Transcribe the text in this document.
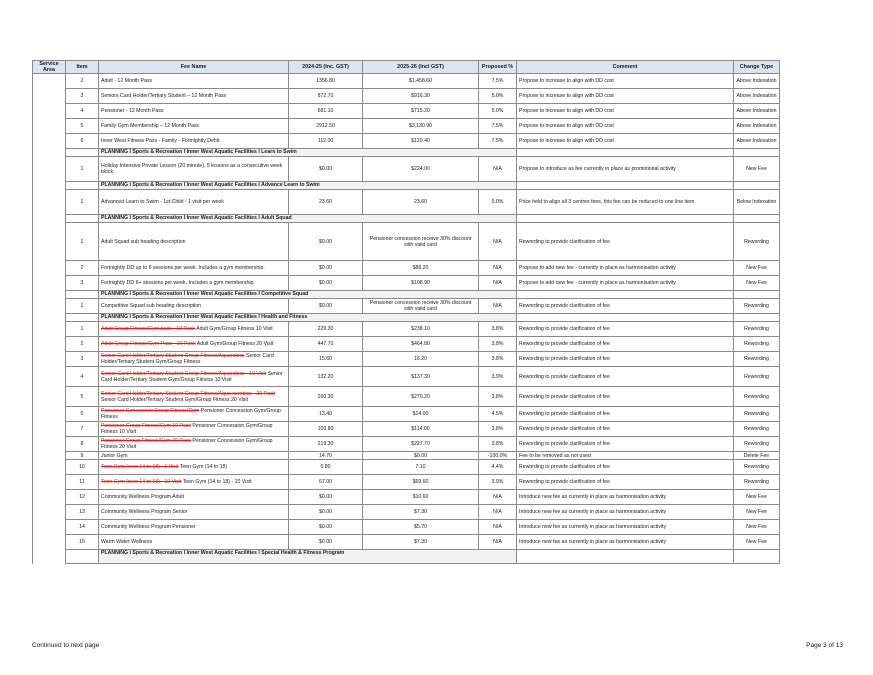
Service Area	Item	Fee Name	2024-25 (Inc. GST)	2025-26 (Incl GST)	Proposed %	Comment	Change Type
	2	Adult - 12 Month Pass	1356.80	$1,458.60	7.5%	Propose to increase to align with DD cost	Above Indexation
	3	Seniors Card Holder/Tertiary Student – 12 Month Pass	872.70	$916.30	5.0%	Propose to increase to align with DD cost	Above Indexation
	4	Pensioner - 12 Month Pass	681.10	$715.20	5.0%	Propose to increase to align with DD cost	Above Indexation
	5	Family Gym Membership – 12 Month Pass	2912.50	$3,130.90	7.5%	Propose to increase to align with DD cost	Above Indexation
	6	Inner West Fitness Pass - Family - Fortnightly Debit	112.00	$120.40	7.5%	Propose to increase to align with DD cost	Above Indexation
		PLANNING I Sports & Recreation I Inner West Aquatic Facilities I Learn to Swim					
	1	Holiday Intensive Private Lesson (20 minute), 5 lessons as a consecutive week block	$0.00	$224.00	N/A	Propose to introduce as fee currently in place as promotional activity	New Fee
		PLANNING I Sports & Recreation I Inner West Aquatic Facilities I Advance Learn to Swim					
	1	Advanced Learn to Swim - 1st Child - 1 visit per week	23.60	23.60	0.0%	Price held to align all 3 centres fees, this fee can be reduced to one line item	Below Indexation
		PLANNING I Sports & Recreation I Inner West Aquatic Facilities I Adult Squad					
	1	Adult Squad sub heading description	$0.00	Pensioner concession receive 30% discount with valid card	N/A	Rewording to provide clarification of fee	Rewording
	2	Fortnightly DD up to 6 sessions per week. Includes a gym membership.	$0.00	$88.20	N/A	Propose to add new fee - currently in place as harmonisation activity	New Fee
	3	Fortnightly DD 6+ sessions per week. Includes a gym membership.	$0.00	$108.90	N/A	Propose to add new fee - currently in place as harmonisation activity	New Fee
		PLANNING I Sports & Recreation I Inner West Aquatic Facilities I Competitive Squad					
	1	Competitive Squad sub heading description	$0.00	Pensioner concession receive 30% discount with valid card	N/A	Rewording to provide clarification of fee	Rewording
		PLANNING I Sports & Recreation I Inner West Aquatic Facilities I Health and Fitness					
	1	Adult Group Fitness/Gym pack - 10 Pack Adult Gym/Group Fitness 10 Visit	229.30	$238.10	3.8%	Rewording to provide clarification of fee	Rewording
	2	Adult Group Fitness/Gym Pass - 20 Pack Adult Gym/Group Fitness 20 Visit	447.70	$464.80	3.8%	Rewording to provide clarification of fee	Rewording
	3	Senior Card Holder/Tertiary Student Group Fitness/Aquarobics Senior Card Holder/Tertiary Student Gym/Group Fitness	15.60	16.20	3.8%	Rewording to provide clarification of fee	Rewording
	4	Senior Card Holder/Tertiary Student Group Fitness/Aquarobics - 10 Visit Senior Card Holder/Tertiary Student Gym/Group Fitness 10 Visit	132.20	$137.30	3.9%	Rewording to provide clarification of fee	Rewording
	5	Senior Card Holder/Tertiary Student Group Fitness/Aqua aerobics - 20 Pack Senior Card Holder/Tertiary Student Gym/Group Fitness 20 Visit	260.30	$270.20	3.8%	Rewording to provide clarification of fee	Rewording
	6	Pensioner Concession Group Fitness/Gym Pensioner Concession Gym/Group Fitness	13.40	$14.00	4.5%	Rewording to provide clarification of fee	Rewording
	7	Pensioner Group Fitness/Gym 10 Pack Pensioner Concession Gym/Group Fitness 10 Visit	109.80	$114.00	3.8%	Rewording to provide clarification of fee	Rewording
	8	Pensioner Group Fitness/Gym 20 Pack Pensioner Concession Gym/Group Fitness 20 Visit	219.30	$227.70	3.8%	Rewording to provide clarification of fee	Rewording
	9	Junior Gym	14.70	$0.00	-100.0%	Fee to be removed as not used	Delete Fee
	10	Teen Gym (over 14 to 18) - 1 Visit Teen Gym (14 to 18)	6.80	7.10	4.4%	Rewording to provide clarification of fee	Rewording
	11	Teen Gym (over 14 to 18) - 10 Visit Teen Gym (14 to 18) - 10 Visit	67.00	$69.60	3.9%	Rewording to provide clarification of fee	Rewording
	12	Community Wellness Program Adult	$0.00	$10.60	N/A	Introduce new fee as currently in place as harmonisation activity	New Fee
	13	Community Wellness Program Senior	$0.00	$7.30	N/A	Introduce new fee as currently in place as harmonisation activity	New Fee
	14	Community Wellness Program Pensioner	$0.00	$5.70	N/A	Introduce new fee as currently in place as harmonisation activity	New Fee
	15	Warm Water Wellness	$0.00	$7.30	N/A	Introduce new fee as currently in place as harmonisation activity	New Fee
		PLANNING I Sports & Recreation I Inner West Aquatic Facilities I Special Health & Fitness Program					
Continued to next page	Page 3 of 13
